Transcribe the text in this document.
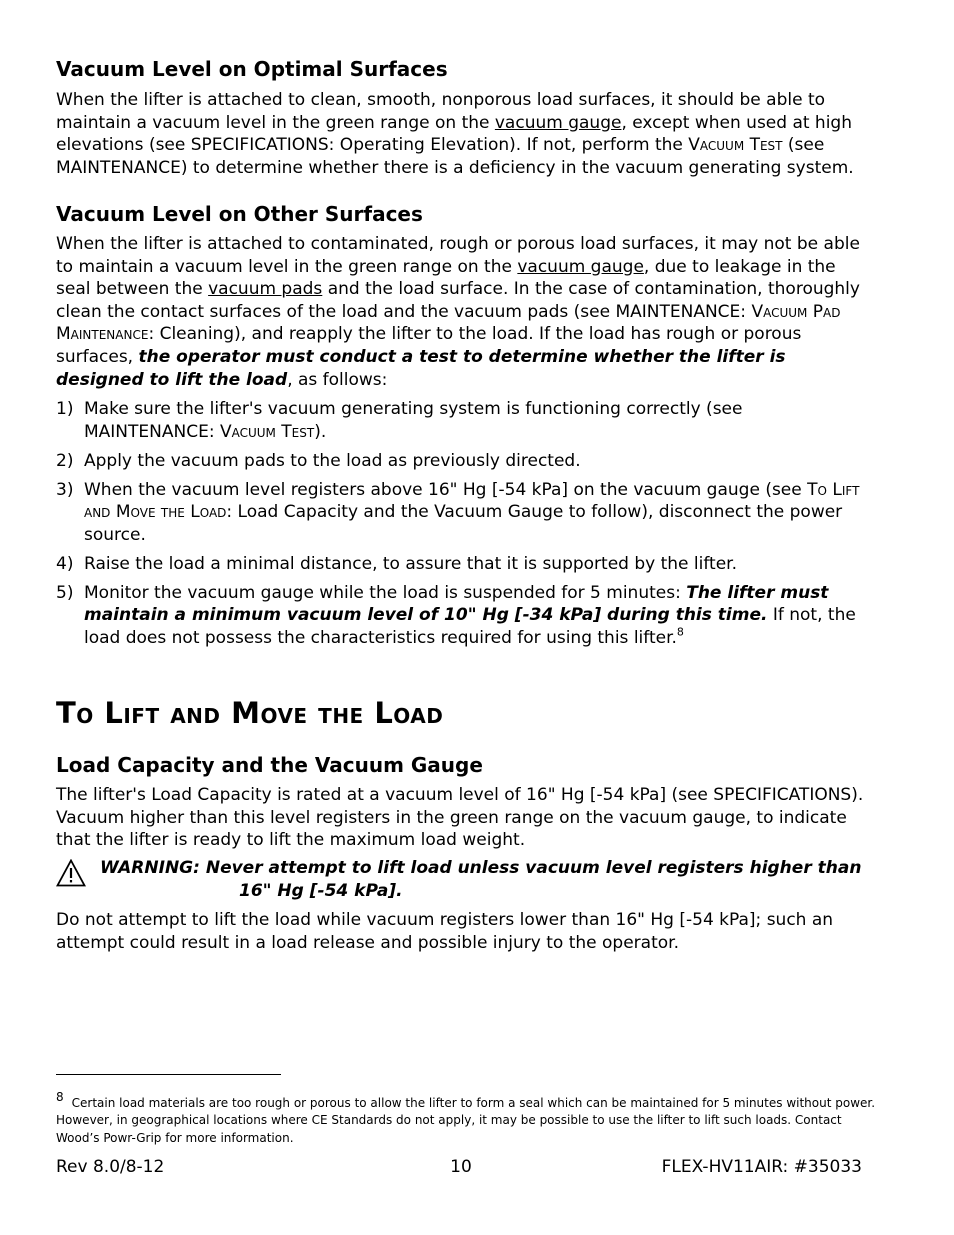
Vacuum Level on Optimal Surfaces
When the lifter is attached to clean, smooth, nonporous load surfaces, it should be able to maintain a vacuum level in the green range on the vacuum gauge, except when used at high elevations (see SPECIFICATIONS: Operating Elevation). If not, perform the Vacuum Test (see MAINTENANCE) to determine whether there is a deficiency in the vacuum generating system.
Vacuum Level on Other Surfaces
When the lifter is attached to contaminated, rough or porous load surfaces, it may not be able to maintain a vacuum level in the green range on the vacuum gauge, due to leakage in the seal between the vacuum pads and the load surface. In the case of contamination, thoroughly clean the contact surfaces of the load and the vacuum pads (see MAINTENANCE: Vacuum Pad Maintenance: Cleaning), and reapply the lifter to the load. If the load has rough or porous surfaces, the operator must conduct a test to determine whether the lifter is designed to lift the load, as follows:
1) Make sure the lifter's vacuum generating system is functioning correctly (see MAINTENANCE: Vacuum Test).
2) Apply the vacuum pads to the load as previously directed.
3) When the vacuum level registers above 16" Hg [-54 kPa] on the vacuum gauge (see To Lift and Move the Load: Load Capacity and the Vacuum Gauge to follow), disconnect the power source.
4) Raise the load a minimal distance, to assure that it is supported by the lifter.
5) Monitor the vacuum gauge while the load is suspended for 5 minutes: The lifter must maintain a minimum vacuum level of 10" Hg [-34 kPa] during this time. If not, the load does not possess the characteristics required for using this lifter.$^8$
To Lift and Move the Load
Load Capacity and the Vacuum Gauge
The lifter's Load Capacity is rated at a vacuum level of 16" Hg [-54 kPa] (see SPECIFICATIONS). Vacuum higher than this level registers in the green range on the vacuum gauge, to indicate that the lifter is ready to lift the maximum load weight.
WARNING: Never attempt to lift load unless vacuum level registers higher than
16" Hg [-54 kPa].
Do not attempt to lift the load while vacuum registers lower than 16" Hg [-54 kPa]; such an attempt could result in a load release and possible injury to the operator.
$^8$ Certain load materials are too rough or porous to allow the lifter to form a seal which can be maintained for 5 minutes without power. However, in geographical locations where CE Standards do not apply, it may be possible to use the lifter to lift such loads. Contact Wood’s Powr-Grip for more information.
Rev 8.0/8-12	10	FLEX-HV11AIR: #35033
